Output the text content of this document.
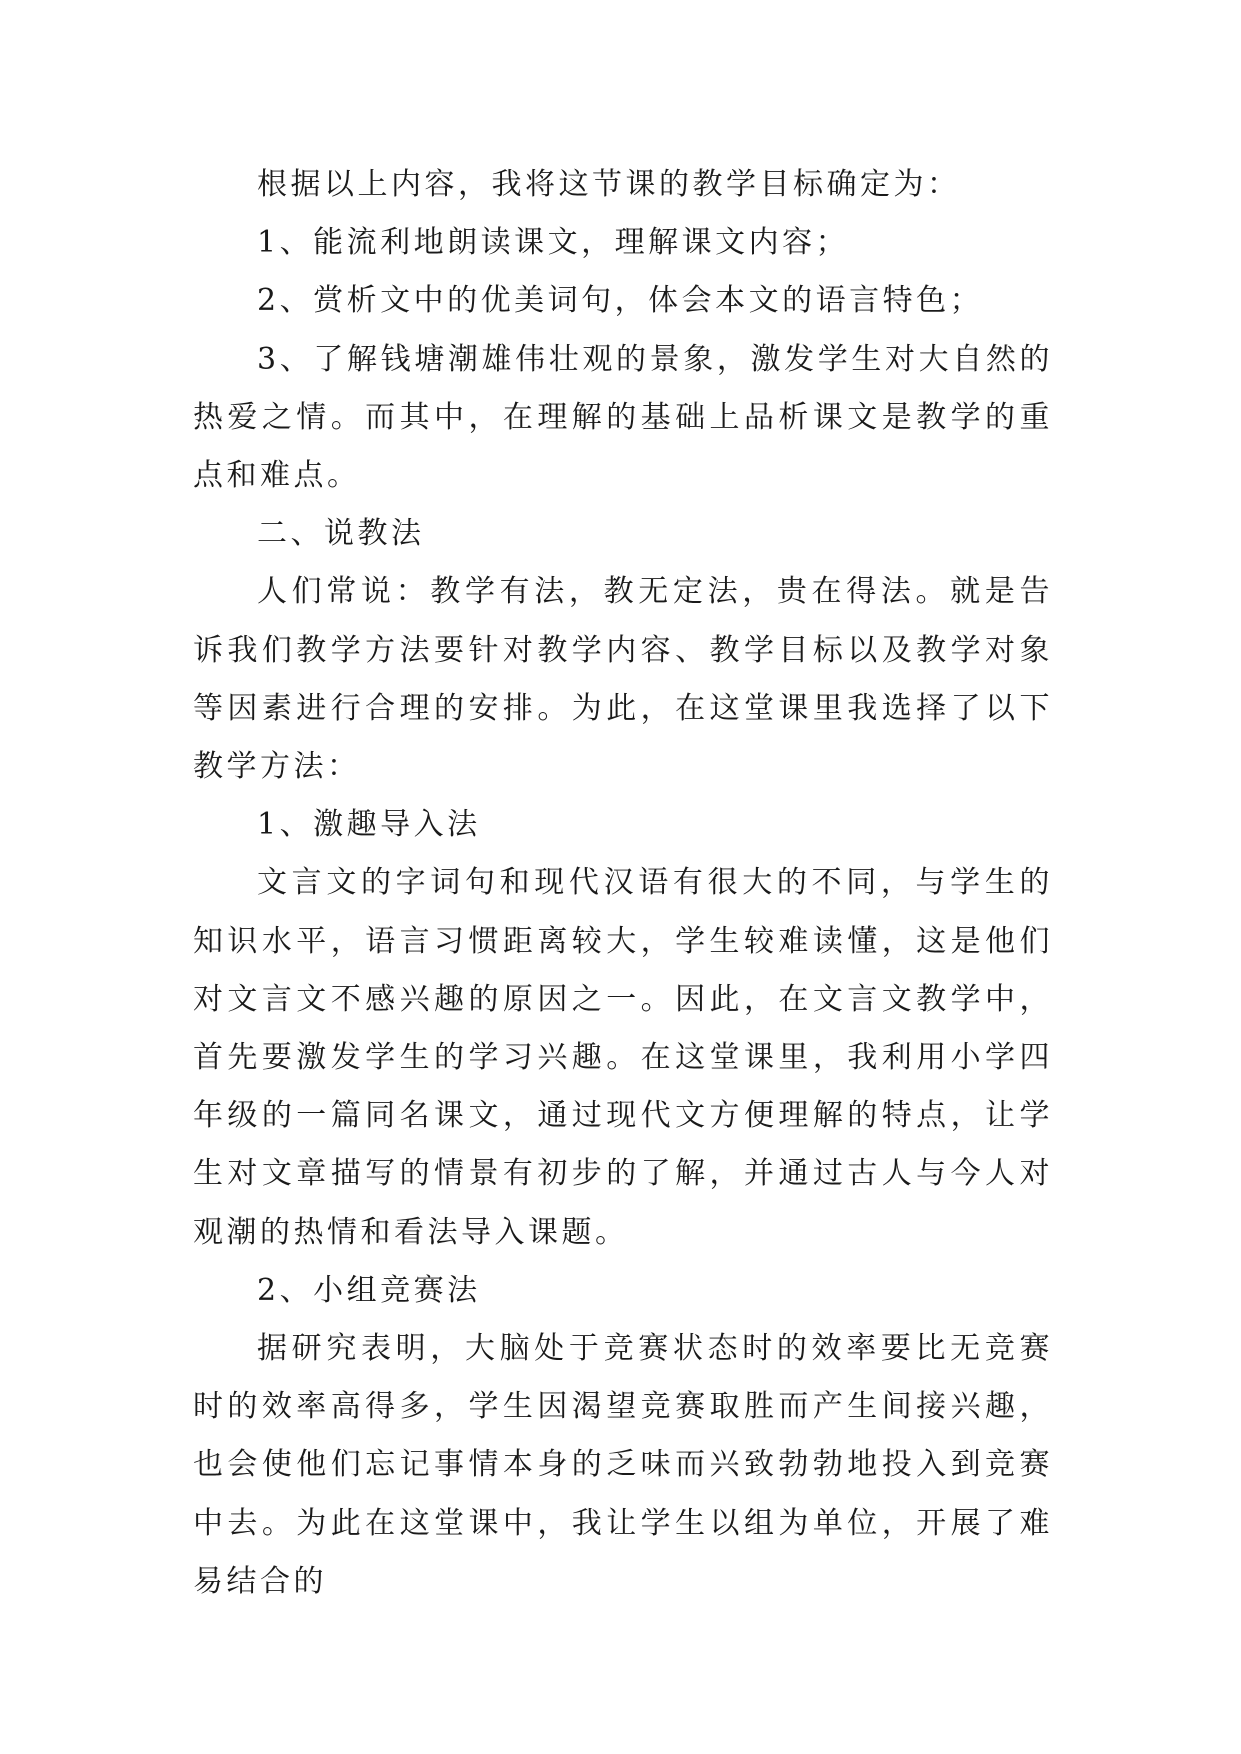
根据以上内容，我将这节课的教学目标确定为：

1、能流利地朗读课文，理解课文内容；

2、赏析文中的优美词句，体会本文的语言特色；

3、了解钱塘潮雄伟壮观的景象，激发学生对大自然的热爱之情。而其中，在理解的基础上品析课文是教学的重点和难点。

二、说教法

人们常说：教学有法，教无定法，贵在得法。就是告诉我们教学方法要针对教学内容、教学目标以及教学对象等因素进行合理的安排。为此，在这堂课里我选择了以下教学方法：

1、激趣导入法

文言文的字词句和现代汉语有很大的不同，与学生的知识水平，语言习惯距离较大，学生较难读懂，这是他们对文言文不感兴趣的原因之一。因此，在文言文教学中，首先要激发学生的学习兴趣。在这堂课里，我利用小学四年级的一篇同名课文，通过现代文方便理解的特点，让学生对文章描写的情景有初步的了解，并通过古人与今人对观潮的热情和看法导入课题。

2、小组竞赛法

据研究表明，大脑处于竞赛状态时的效率要比无竞赛时的效率高得多，学生因渴望竞赛取胜而产生间接兴趣，也会使他们忘记事情本身的乏味而兴致勃勃地投入到竞赛中去。为此在这堂课中，我让学生以组为单位，开展了难易结合的
